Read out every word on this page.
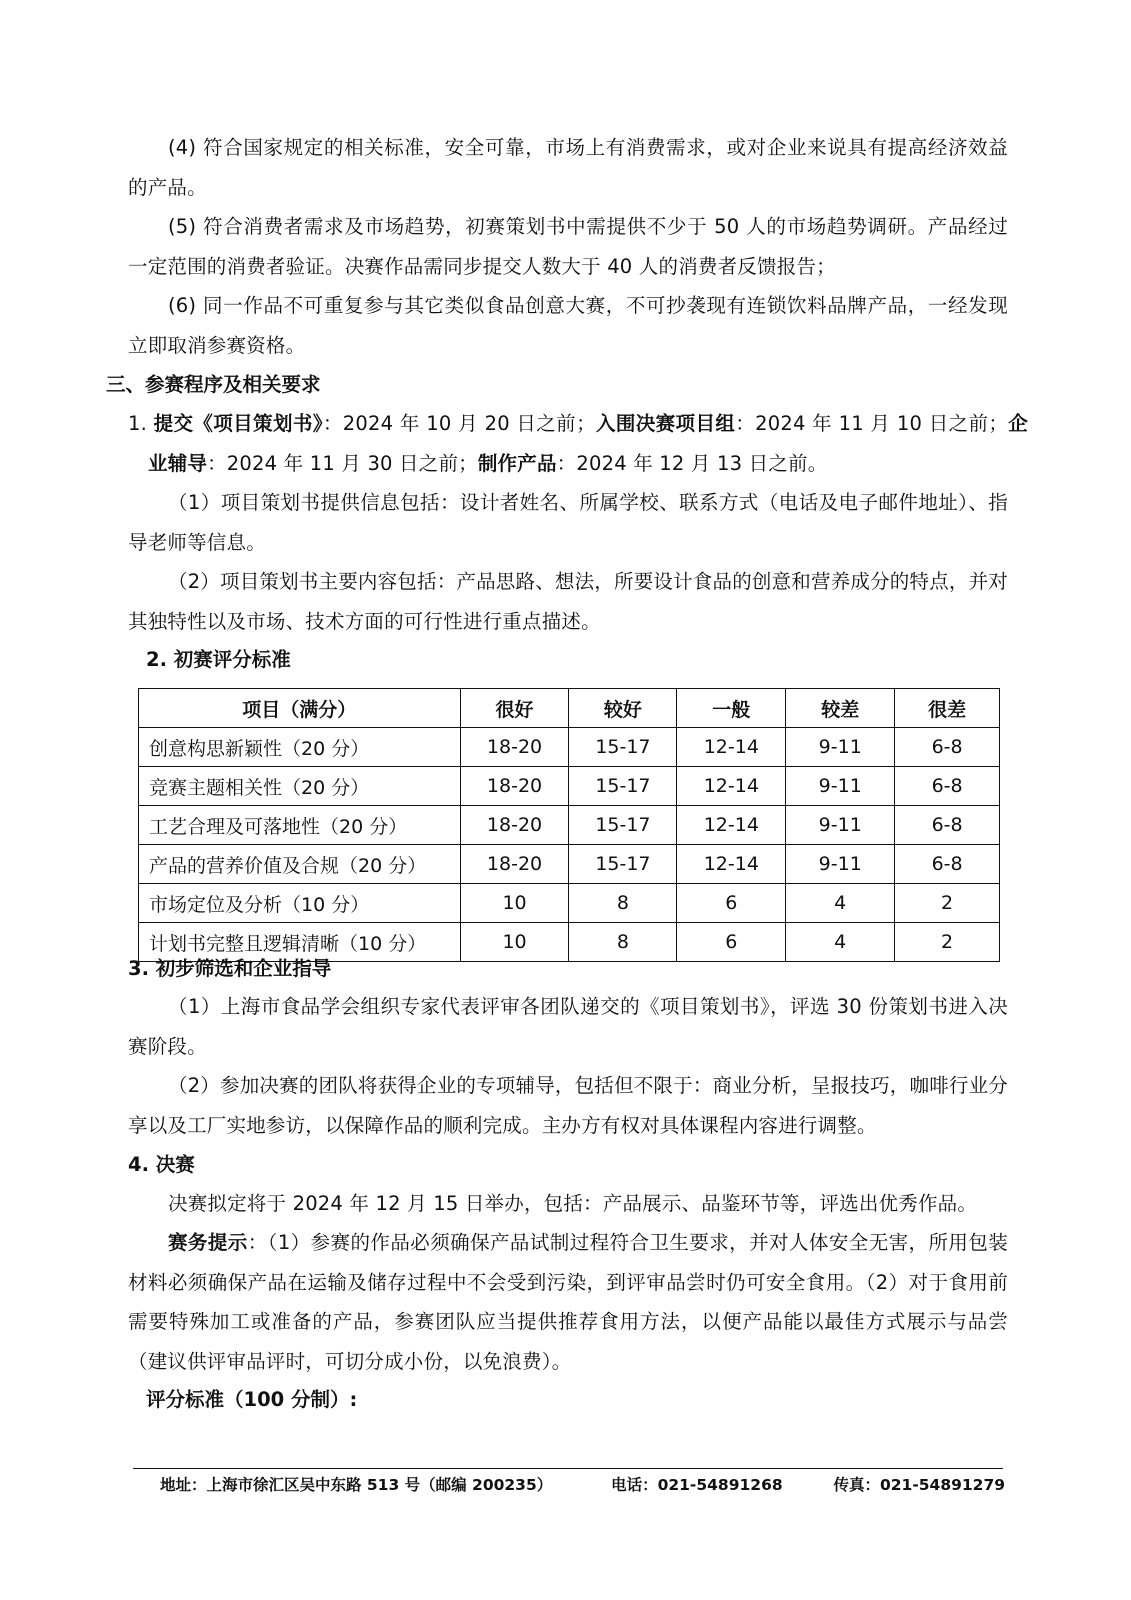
(4) 符合国家规定的相关标准，安全可靠，市场上有消费需求，或对企业来说具有提高经济效益的产品。

(5) 符合消费者需求及市场趋势，初赛策划书中需提供不少于 50 人的市场趋势调研。产品经过一定范围的消费者验证。决赛作品需同步提交人数大于 40 人的消费者反馈报告；

(6) 同一作品不可重复参与其它类似食品创意大赛，不可抄袭现有连锁饮料品牌产品，一经发现立即取消参赛资格。

三、参赛程序及相关要求

1. 提交《项目策划书》：2024 年 10 月 20 日之前；入围决赛项目组：2024 年 11 月 10 日之前；企业辅导：2024 年 11 月 30 日之前；制作产品：2024 年 12 月 13 日之前。

（1）项目策划书提供信息包括：设计者姓名、所属学校、联系方式（电话及电子邮件地址）、指导老师等信息。

（2）项目策划书主要内容包括：产品思路、想法，所要设计食品的创意和营养成分的特点，并对其独特性以及市场、技术方面的可行性进行重点描述。

2. 初赛评分标准
项目（满分）	很好	较好	一般	较差	很差
创意构思新颖性（20 分）	18-20	15-17	12-14	9-11	6-8
竞赛主题相关性（20 分）	18-20	15-17	12-14	9-11	6-8
工艺合理及可落地性（20 分）	18-20	15-17	12-14	9-11	6-8
产品的营养价值及合规（20 分）	18-20	15-17	12-14	9-11	6-8
市场定位及分析（10 分）	10	8	6	4	2
计划书完整且逻辑清晰（10 分）	10	8	6	4	2
3. 初步筛选和企业指导

（1）上海市食品学会组织专家代表评审各团队递交的《项目策划书》，评选 30 份策划书进入决赛阶段。

（2）参加决赛的团队将获得企业的专项辅导，包括但不限于：商业分析，呈报技巧，咖啡行业分享以及工厂实地参访，以保障作品的顺利完成。主办方有权对具体课程内容进行调整。

4. 决赛

决赛拟定将于 2024 年 12 月 15 日举办，包括：产品展示、品鉴环节等，评选出优秀作品。

赛务提示：（1）参赛的作品必须确保产品试制过程符合卫生要求，并对人体安全无害，所用包装材料必须确保产品在运输及储存过程中不会受到污染，到评审品尝时仍可安全食用。（2）对于食用前需要特殊加工或准备的产品，参赛团队应当提供推荐食用方法，以便产品能以最佳方式展示与品尝（建议供评审品评时，可切分成小份，以免浪费）。

评分标准（100 分制）:
地址：上海市徐汇区吴中东路 513 号（邮编 200235）	电话：021-54891268	传真：021-54891279
